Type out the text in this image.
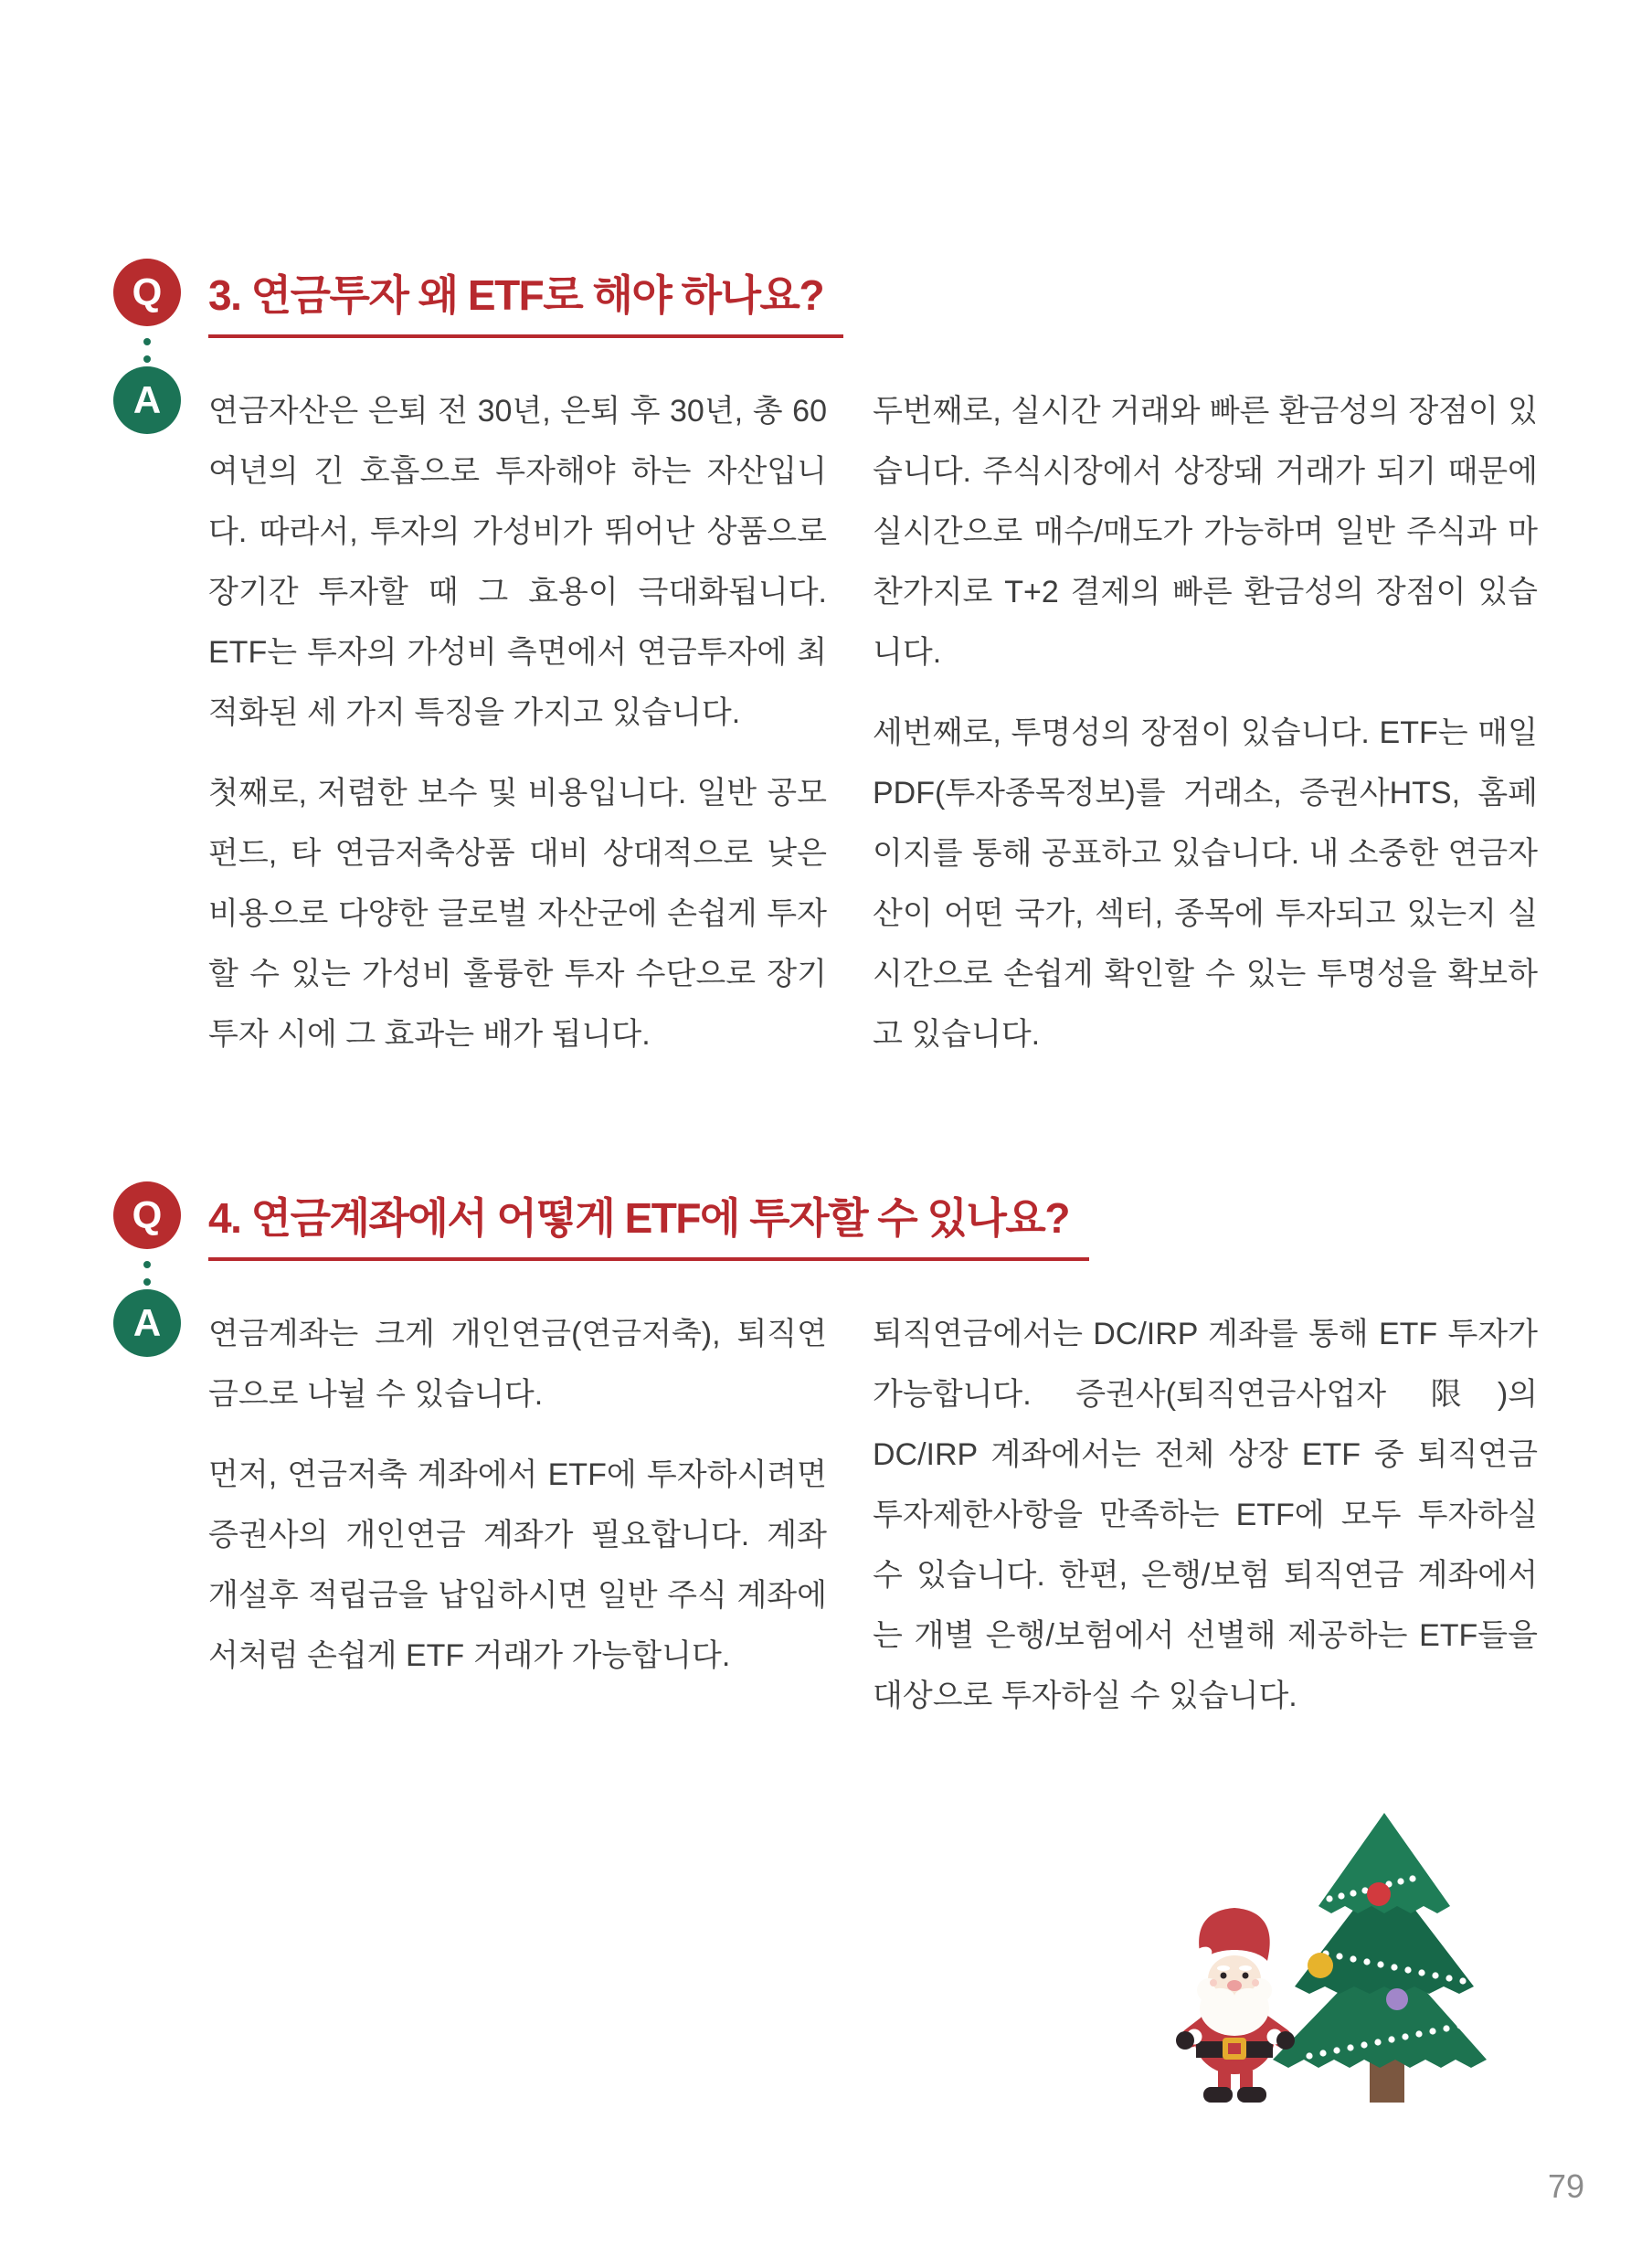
Q	3. 연금투자 왜 ETF로 해야 하나요?
A	연금자산은 은퇴 전 30년, 은퇴 후 30년, 총 60여년의 긴 호흡으로 투자해야 하는 자산입니다. 따라서, 투자의 가성비가 뛰어난 상품으로 장기간 투자할 때 그 효용이 극대화됩니다. ETF는 투자의 가성비 측면에서 연금투자에 최적화된 세 가지 특징을 가지고 있습니다.

첫째로, 저렴한 보수 및 비용입니다. 일반 공모펀드, 타 연금저축상품 대비 상대적으로 낮은 비용으로 다양한 글로벌 자산군에 손쉽게 투자할 수 있는 가성비 훌륭한 투자 수단으로 장기투자 시에 그 효과는 배가 됩니다.

두번째로, 실시간 거래와 빠른 환금성의 장점이 있습니다. 주식시장에서 상장돼 거래가 되기 때문에 실시간으로 매수/매도가 가능하며 일반 주식과 마찬가지로 T+2 결제의 빠른 환금성의 장점이 있습니다.

세번째로, 투명성의 장점이 있습니다. ETF는 매일 PDF(투자종목정보)를 거래소, 증권사HTS, 홈페이지를 통해 공표하고 있습니다. 내 소중한 연금자산이 어떤 국가, 섹터, 종목에 투자되고 있는지 실시간으로 손쉽게 확인할 수 있는 투명성을 확보하고 있습니다.

Q	4. 연금계좌에서 어떻게 ETF에 투자할 수 있나요?
A	연금계좌는 크게 개인연금(연금저축), 퇴직연금으로 나뉠 수 있습니다.

먼저, 연금저축 계좌에서 ETF에 투자하시려면 증권사의 개인연금 계좌가 필요합니다. 계좌 개설후 적립금을 납입하시면 일반 주식 계좌에서처럼 손쉽게 ETF 거래가 가능합니다.

퇴직연금에서는 DC/IRP 계좌를 통해 ETF 투자가 가능합니다. 증권사(퇴직연금사업자 限)의 DC/IRP 계좌에서는 전체 상장 ETF 중 퇴직연금 투자제한사항을 만족하는 ETF에 모두 투자하실 수 있습니다. 한편, 은행/보험 퇴직연금 계좌에서는 개별 은행/보험에서 선별해 제공하는 ETF들을 대상으로 투자하실 수 있습니다.

79
